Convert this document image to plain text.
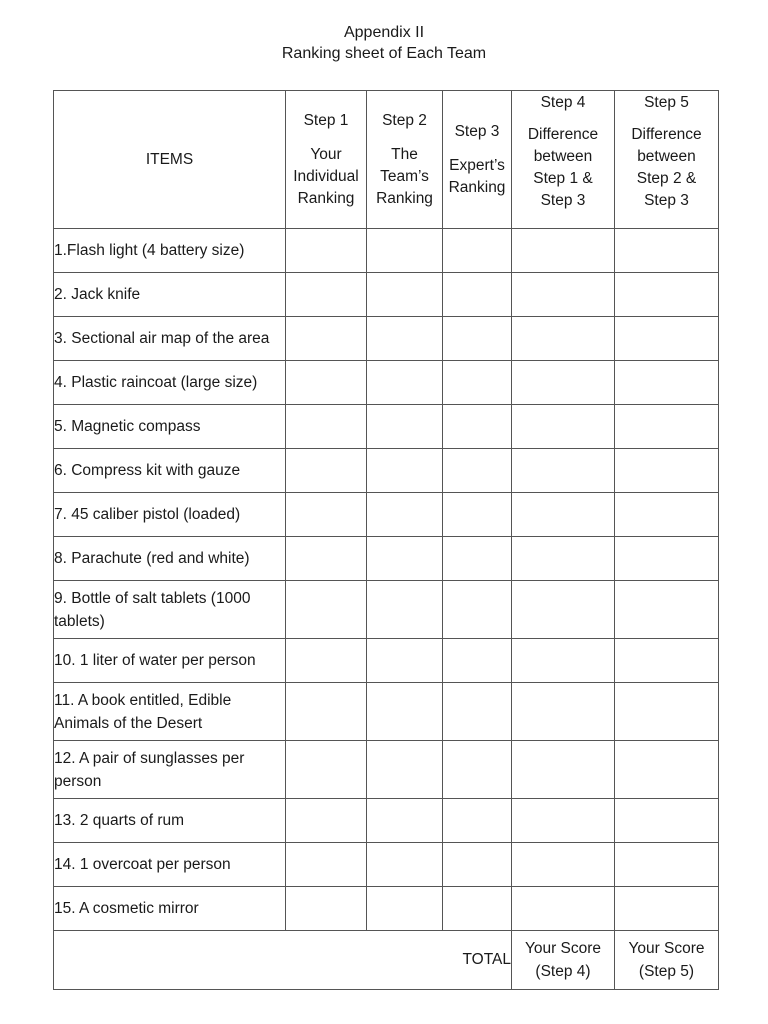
Appendix II
Ranking sheet of Each Team
ITEMS	Step 1
Your
Individual
Ranking	Step 2
The
Team’s
Ranking	Step 3
Expert’s
Ranking	Step 4
Difference
between
Step 1 &
Step 3	Step 5
Difference
between
Step 2 &
Step 3

1.Flash light (4 battery size)					
2. Jack knife					
3. Sectional air map of the area					
4. Plastic raincoat (large size)					
5. Magnetic compass					
6. Compress kit with gauze					
7. 45 caliber pistol (loaded)					
8. Parachute (red and white)					
9. Bottle of salt tablets (1000 tablets)					
10. 1 liter of water per person					
11. A book entitled, Edible Animals of the Desert					
12. A pair of sunglasses per person					
13. 2 quarts of rum					
14. 1 overcoat per person					
15. A cosmetic mirror					
TOTAL				Your Score
(Step 4)	Your Score
(Step 5)
